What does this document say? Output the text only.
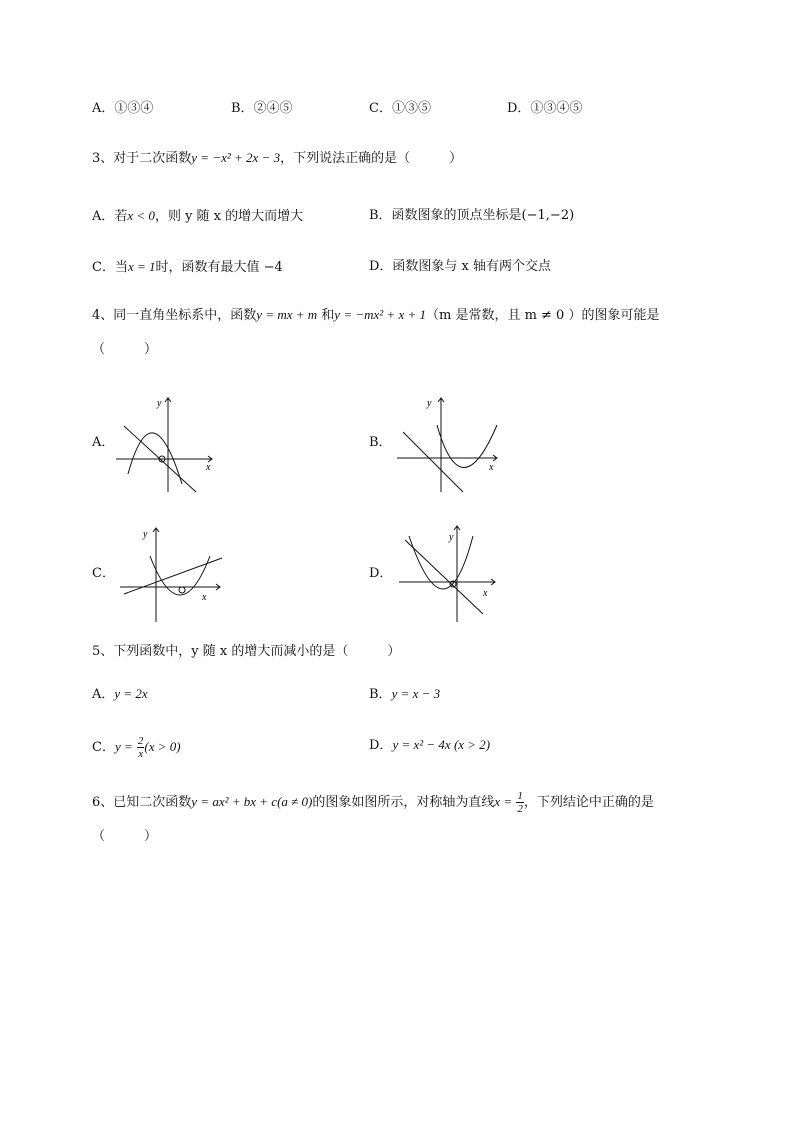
A．①③④	B．②④⑤	C．①③⑤	D．①③④⑤
3、对于二次函数y = −x² + 2x − 3，下列说法正确的是（　　　）
A．若x < 0，则 y 随 x 的增大而增大	B．函数图象的顶点坐标是(−1,−2)
C．当x = 1时，函数有最大值 −4	D．函数图象与 x 轴有两个交点
4、同一直角坐标系中，函数y = mx + m 和y = −mx² + x + 1（m 是常数，且 m ≠ 0 ）的图象可能是
（　　　）
A．	B．
C．	D．
x
y
x
y
x
y
x
y
5、下列函数中，y 随 x 的增大而减小的是（　　　）
A．y = 2x	B．y = x − 3
C．$y = \frac{2}{x} (x > 0)$	D．y = x² − 4x (x > 2)
6、已知二次函数y = ax² + bx + c(a ≠ 0)的图象如图所示，对称轴为直线$x = \frac{1}{2}$ ，下列结论中正确的是
（　　　）
